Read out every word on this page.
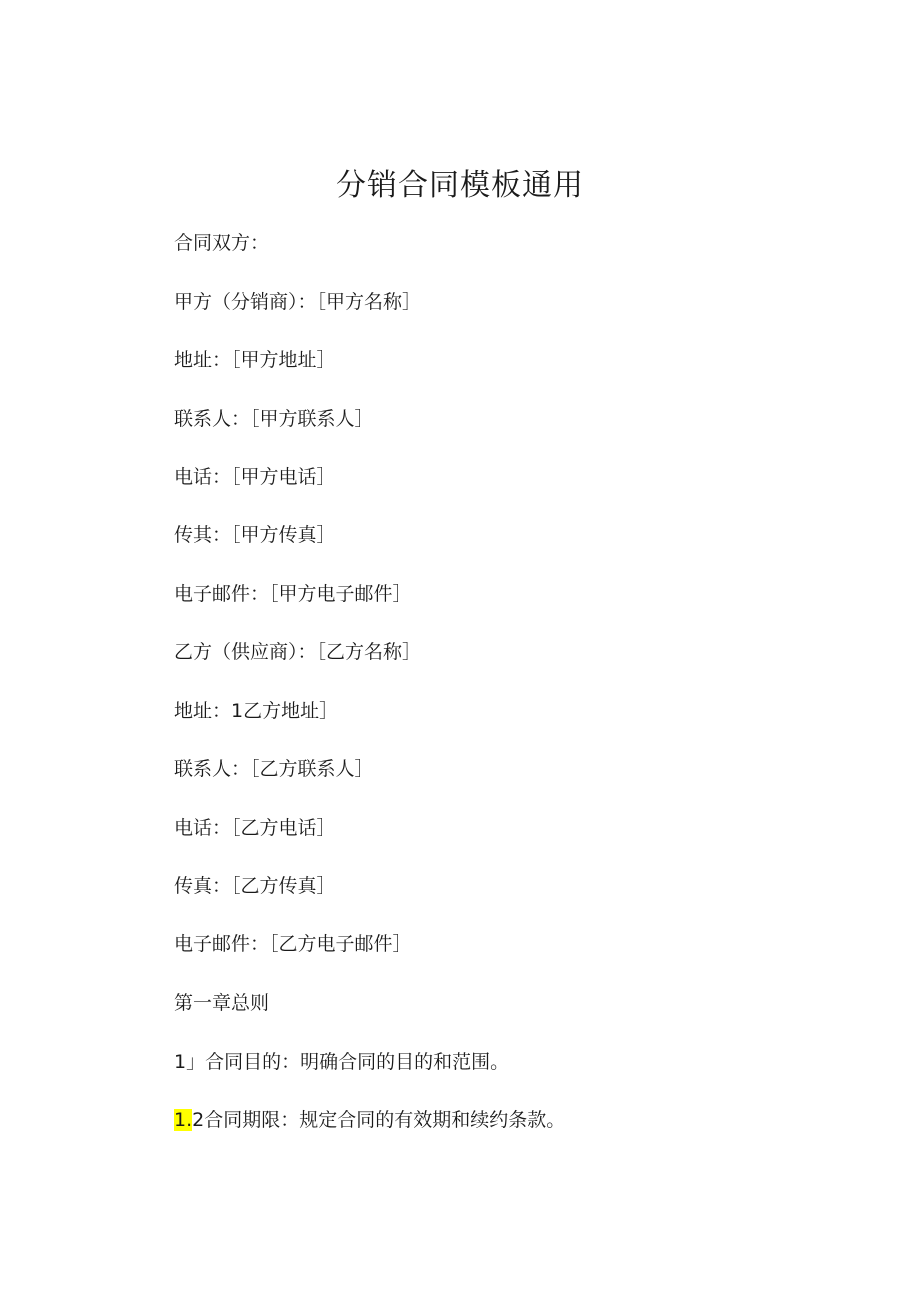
分销合同模板通用

合同双方：

甲方（分销商）：［甲方名称］

地址：［甲方地址］

联系人：［甲方联系人］

电话：［甲方电话］

传其：［甲方传真］

电子邮件：［甲方电子邮件］

乙方（供应商）：［乙方名称］

地址：1乙方地址］

联系人：［乙方联系人］

电话：［乙方电话］

传真：［乙方传真］

电子邮件：［乙方电子邮件］

第一章总则

1」合同目的：明确合同的目的和范围。

1.2合同期限：规定合同的有效期和续约条款。
